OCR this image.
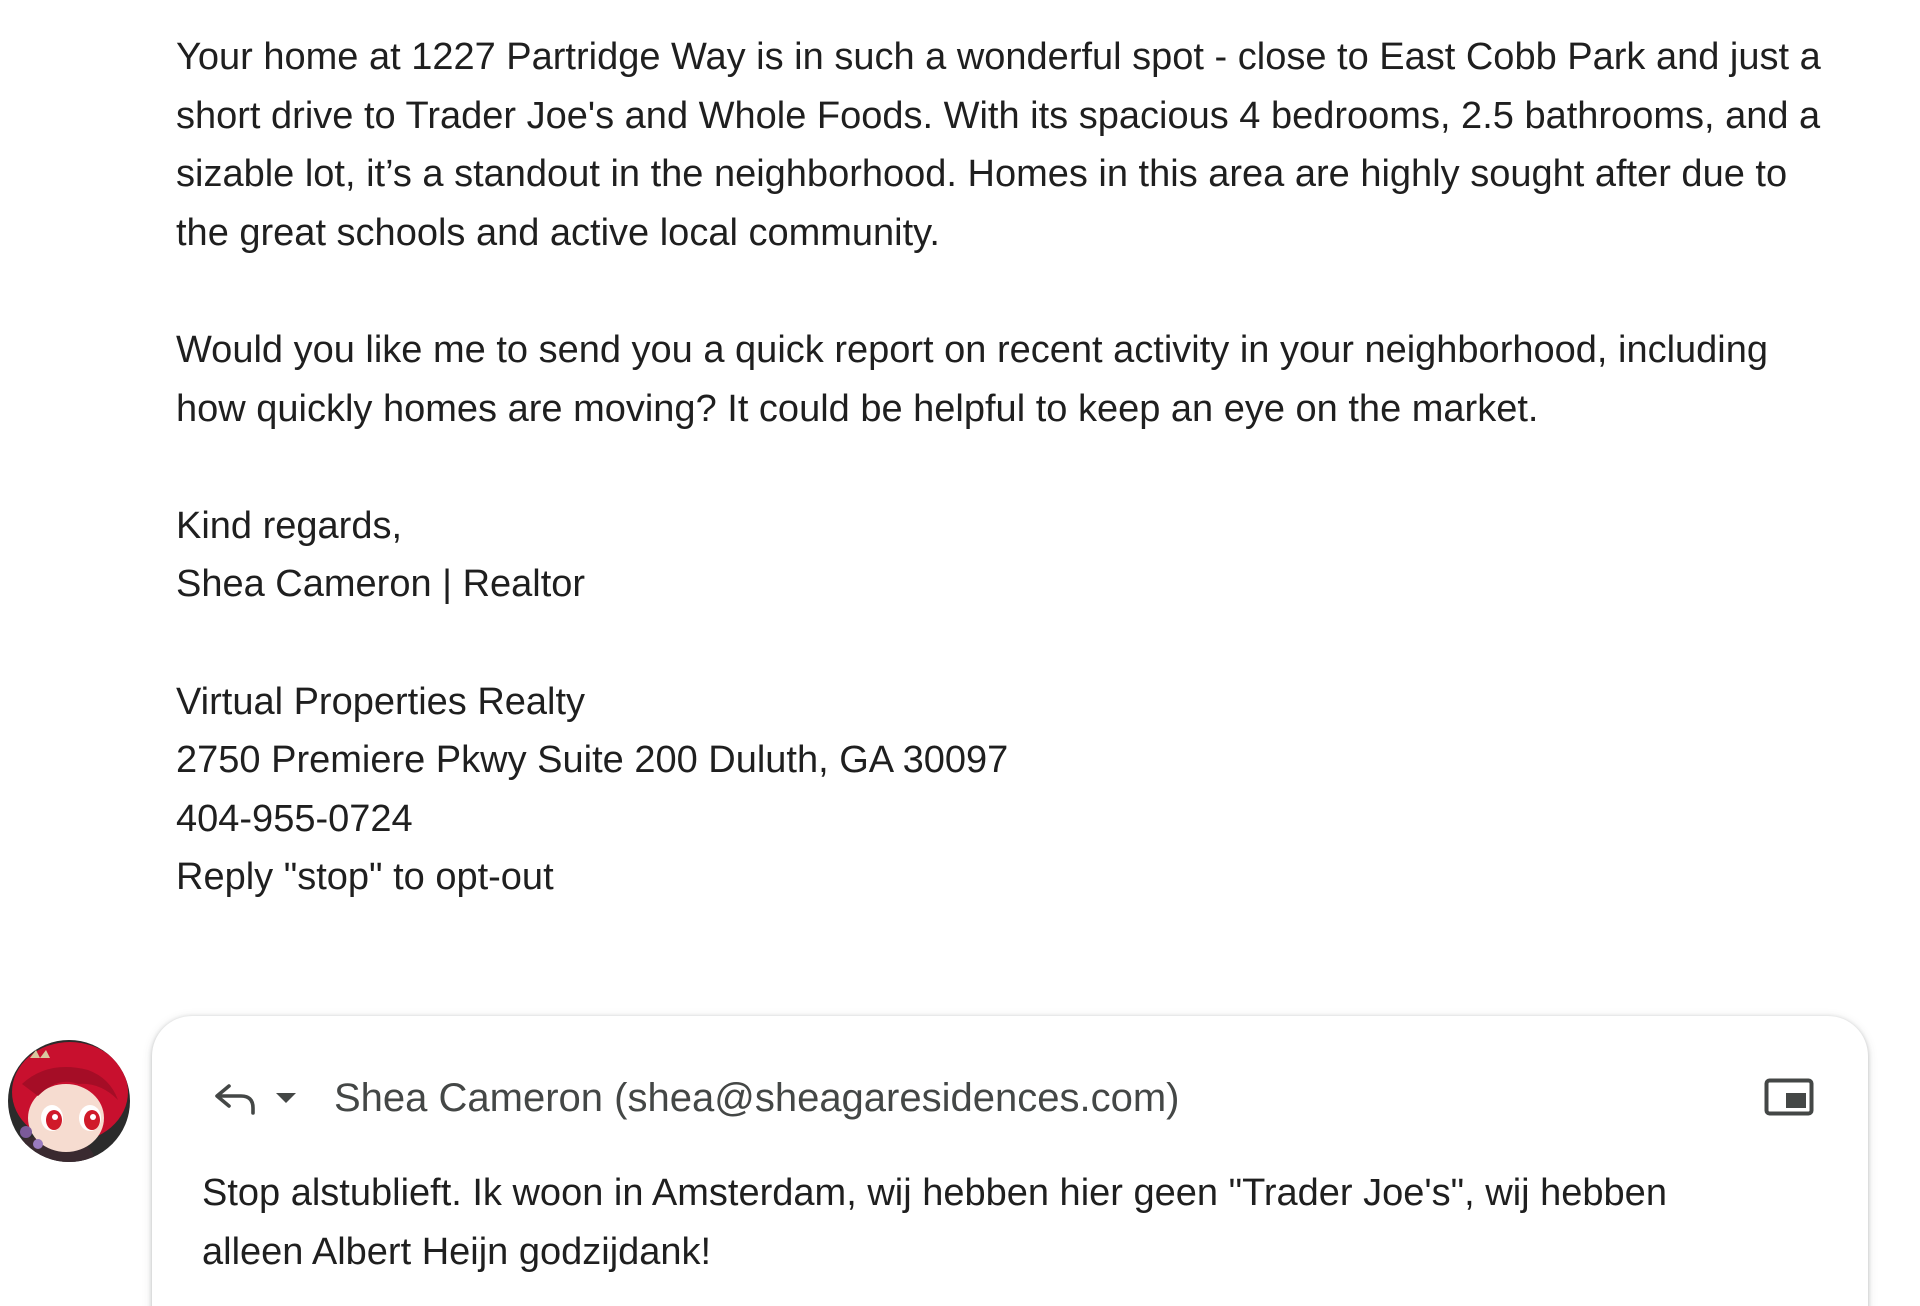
Your home at 1227 Partridge Way is in such a wonderful spot - close to East Cobb Park and just a
short drive to Trader Joe's and Whole Foods. With its spacious 4 bedrooms, 2.5 bathrooms, and a
sizable lot, it’s a standout in the neighborhood. Homes in this area are highly sought after due to
the great schools and active local community.

Would you like me to send you a quick report on recent activity in your neighborhood, including
how quickly homes are moving? It could be helpful to keep an eye on the market.

Kind regards,
Shea Cameron | Realtor

Virtual Properties Realty
2750 Premiere Pkwy Suite 200 Duluth, GA 30097
404-955-0724
Reply "stop" to opt-out

Shea Cameron (shea@sheagaresidences.com)
Stop alstublieft. Ik woon in Amsterdam, wij hebben hier geen "Trader Joe's", wij hebben
alleen Albert Heijn godzijdank!
